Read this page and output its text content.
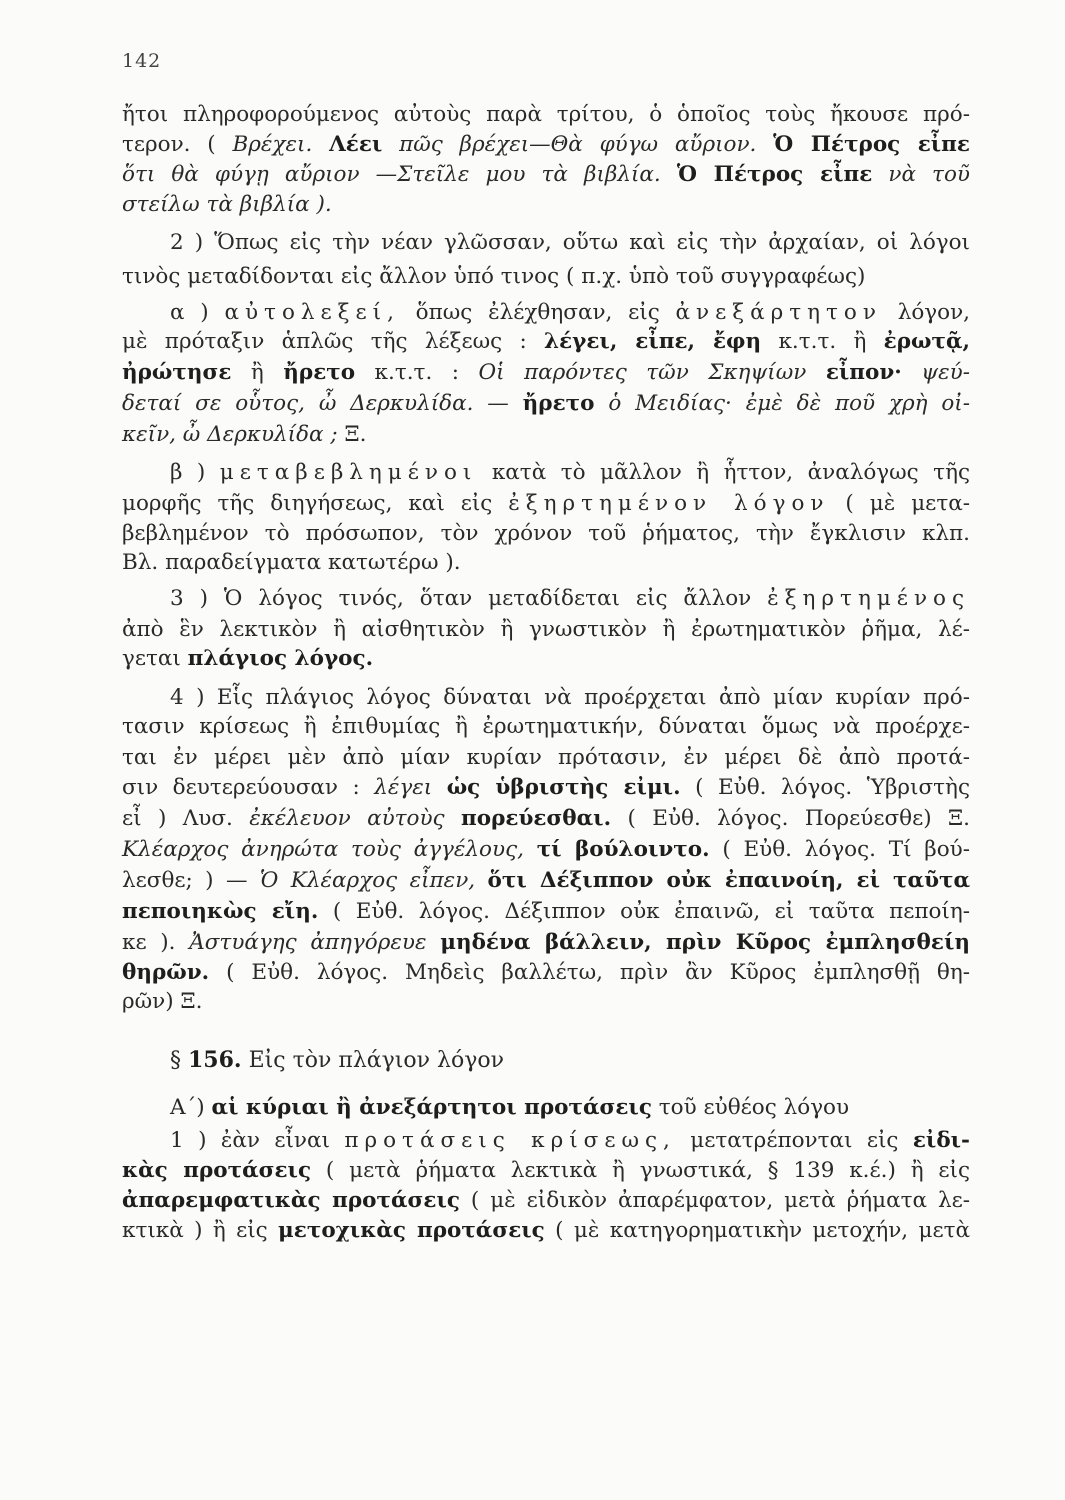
142
ἤτοι πληροφορούμενος αὐτοὺς παρὰ τρίτου, ὁ ὁποῖος τοὺς ἤκουσε πρό-
τερον. ( Βρέχει. Λέει πῶς βρέχει—Θὰ φύγω αὔριον. Ὁ Πέτρος εἶπε
ὅτι θὰ φύγῃ αὔριον —Στεῖλε μου τὰ βιβλία. Ὁ Πέτρος εἶπε νὰ τοῦ
στείλω τὰ βιβλία ).
2 ) Ὅπως εἰς τὴν νέαν γλῶσσαν, οὕτω καὶ εἰς τὴν ἀρχαίαν, οἱ λόγοι
τινὸς μεταδίδονται εἰς ἄλλον ὑπό τινος ( π.χ. ὑπὸ τοῦ συγγραφέως)
α ) αὐτολεξεί, ὅπως ἐλέχθησαν, εἰς ἀνεξάρτητον λόγον,
μὲ πρόταξιν ἁπλῶς τῆς λέξεως : λέγει, εἶπε, ἔφη κ.τ.τ. ἢ ἐρωτᾷ,
ἠρώτησε ἢ ἤρετο κ.τ.τ. : Οἱ παρόντες τῶν Σκηψίων εἶπον· ψεύ-
δεταί σε οὗτος, ὦ Δερκυλίδα. — ἤρετο ὁ Μειδίας· ἐμὲ δὲ ποῦ χρὴ οἰ-
κεῖν, ὦ Δερκυλίδα ; Ξ.
β ) μεταβεβλημένοι κατὰ τὸ μᾶλλον ἢ ἧττον, ἀναλόγως τῆς
μορφῆς τῆς διηγήσεως, καὶ εἰς ἐξηρτημένον λόγον ( μὲ μετα-
βεβλημένον τὸ πρόσωπον, τὸν χρόνον τοῦ ῥήματος, τὴν ἔγκλισιν κλπ.
Βλ. παραδείγματα κατωτέρω ).
3 ) Ὁ λόγος τινός, ὅταν μεταδίδεται εἰς ἄλλον ἐξηρτημένος
ἀπὸ ἓν λεκτικὸν ἢ αἰσθητικὸν ἢ γνωστικὸν ἢ ἐρωτηματικὸν ῥῆμα, λέ-
γεται πλάγιος λόγος.
4 ) Εἷς πλάγιος λόγος δύναται νὰ προέρχεται ἀπὸ μίαν κυρίαν πρό-
τασιν κρίσεως ἢ ἐπιθυμίας ἢ ἐρωτηματικήν, δύναται ὅμως νὰ προέρχε-
ται ἐν μέρει μὲν ἀπὸ μίαν κυρίαν πρότασιν, ἐν μέρει δὲ ἀπὸ προτά-
σιν δευτερεύουσαν : λέγει ὡς ὑβριστὴς εἰμι. ( Εὐθ. λόγος. Ὑβριστὴς
εἶ ) Λυσ. ἐκέλευον αὐτοὺς πορεύεσθαι. ( Εὐθ. λόγος. Πορεύεσθε) Ξ.
Κλέαρχος ἀνηρώτα τοὺς ἀγγέλους, τί βούλοιντο. ( Εὐθ. λόγος. Τί βού-
λεσθε; ) — Ὁ Κλέαρχος εἶπεν, ὅτι Δέξιππον οὐκ ἐπαινοίη, εἰ ταῦτα
πεποιηκὼς εἴη. ( Εὐθ. λόγος. Δέξιππον οὐκ ἐπαινῶ, εἰ ταῦτα πεποίη-
κε ). Ἀστυάγης ἀπηγόρευε μηδένα βάλλειν, πρὶν Κῦρος ἐμπλησθείη
θηρῶν. ( Εὐθ. λόγος. Μηδεὶς βαλλέτω, πρὶν ἂν Κῦρος ἐμπλησθῇ θη-
ρῶν) Ξ.
§ 156. Εἰς τὸν πλάγιον λόγον
Α΄) αἱ κύριαι ἢ ἀνεξάρτητοι προτάσεις τοῦ εὐθέος λόγου
1 ) ἐὰν εἶναι προτάσεις κρίσεως, μετατρέπονται εἰς εἰδι-
κὰς προτάσεις ( μετὰ ῥήματα λεκτικὰ ἢ γνωστικά, § 139 κ.έ.) ἢ εἰς
ἀπαρεμφατικὰς προτάσεις ( μὲ εἰδικὸν ἀπαρέμφατον, μετὰ ῥήματα λε-
κτικὰ ) ἢ εἰς μετοχικὰς προτάσεις ( μὲ κατηγορηματικὴν μετοχήν, μετὰ
